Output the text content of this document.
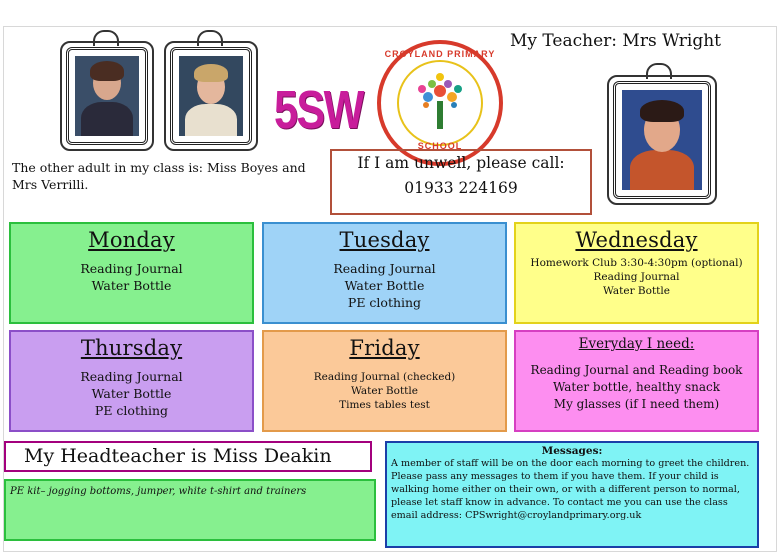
5SW
CROYLAND PRIMARY
SCHOOL
My Teacher: Mrs Wright
The other adult in my class is: Miss Boyes and Mrs Verrilli.
If I am unwell, please call:
01933 224169
Monday
Reading Journal
Water Bottle
Tuesday
Reading Journal
Water Bottle
PE clothing
Wednesday
Homework Club 3:30-4:30pm (optional)
Reading Journal
Water Bottle
Thursday
Reading Journal
Water Bottle
PE clothing
Friday
Reading Journal (checked)
Water Bottle
Times tables test
Everyday I need:
Reading Journal and Reading book
Water bottle, healthy snack
My glasses (if I need them)
My Headteacher is Miss Deakin
PE kit– jogging bottoms, jumper, white t-shirt and trainers
Messages:
A member of staff will be on the door each morning to greet the children. Please pass any messages to them if you have them. If your child is walking home either on their own, or with a different person to normal, please let staff know in advance. To contact me you can use the class email address: CPSwright@croylandprimary.org.uk
